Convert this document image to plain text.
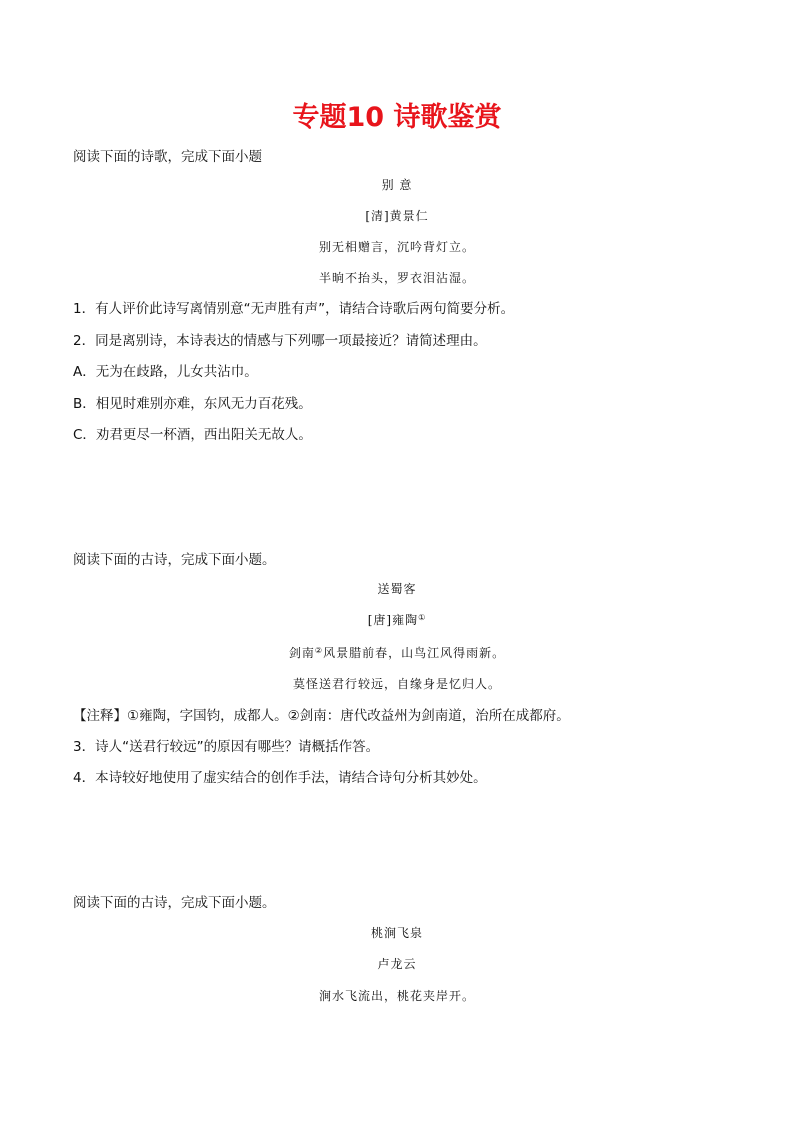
专题10 诗歌鉴赏
阅读下面的诗歌，完成下面小题
别 意
[清]黄景仁
别无相赠言，沉吟背灯立。
半晌不抬头，罗衣泪沾湿。
1．有人评价此诗写离情别意“无声胜有声”，请结合诗歌后两句简要分析。
2．同是离别诗，本诗表达的情感与下列哪一项最接近？请简述理由。
A．无为在歧路，儿女共沾巾。
B．相见时难别亦难，东风无力百花残。
C．劝君更尽一杯酒，西出阳关无故人。
阅读下面的古诗，完成下面小题。
送蜀客
[唐]雍陶①
剑南②风景腊前春，山鸟江风得雨新。
莫怪送君行较远，自缘身是忆归人。
【注释】①雍陶，字国钧，成都人。②剑南：唐代改益州为剑南道，治所在成都府。
3．诗人“送君行较远”的原因有哪些？请概括作答。
4．本诗较好地使用了虚实结合的创作手法，请结合诗句分析其妙处。
阅读下面的古诗，完成下面小题。
桃涧飞泉
卢龙云
涧水飞流出，桃花夹岸开。
